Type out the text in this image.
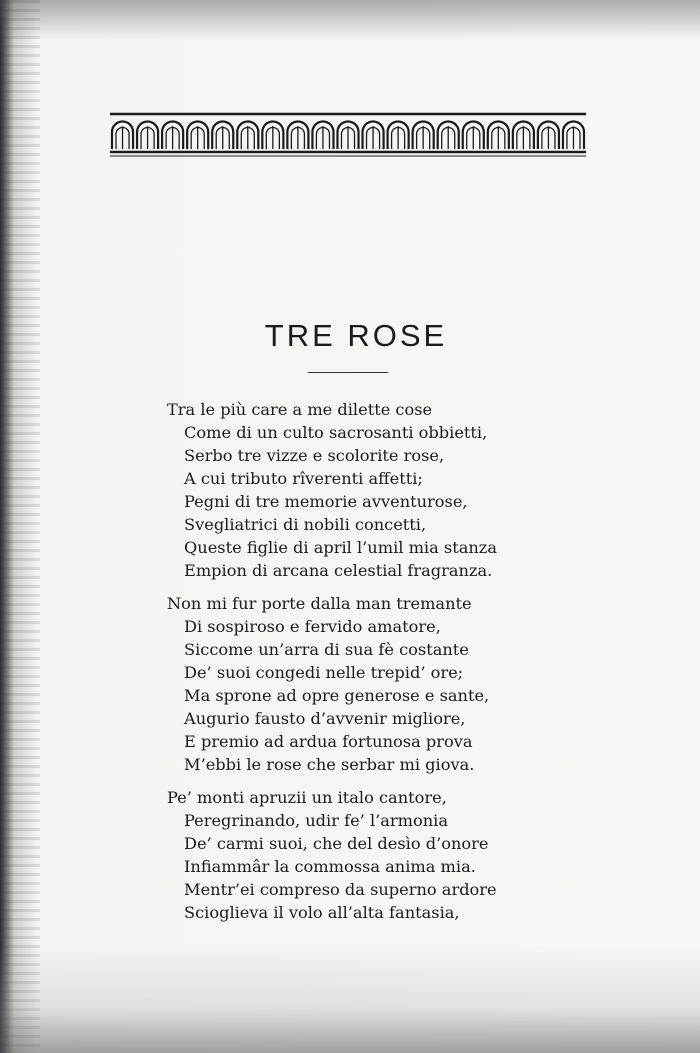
TRE ROSE
Tra le più care a me dilette cose
Come di un culto sacrosanti obbietti,
Serbo tre vizze e scolorite rose,
A cui tributo rîverenti affetti;
Pegni di tre memorie avventurose,
Svegliatrici di nobili concetti,
Queste figlie di april l’umil mia stanza
Empion di arcana celestial fragranza.
Non mi fur porte dalla man tremante
Di sospiroso e fervido amatore,
Siccome un’arra di sua fè costante
De’ suoi congedi nelle trepid’ ore;
Ma sprone ad opre generose e sante,
Augurio fausto d’avvenir migliore,
E premio ad ardua fortunosa prova
M’ebbi le rose che serbar mi giova.
Pe’ monti apruzii un italo cantore,
Peregrinando, udir fe’ l’armonia
De’ carmi suoi, che del desìo d’onore
Infiammâr la commossa anima mia.
Mentr’ei compreso da superno ardore
Scioglieva il volo all’alta fantasia,
